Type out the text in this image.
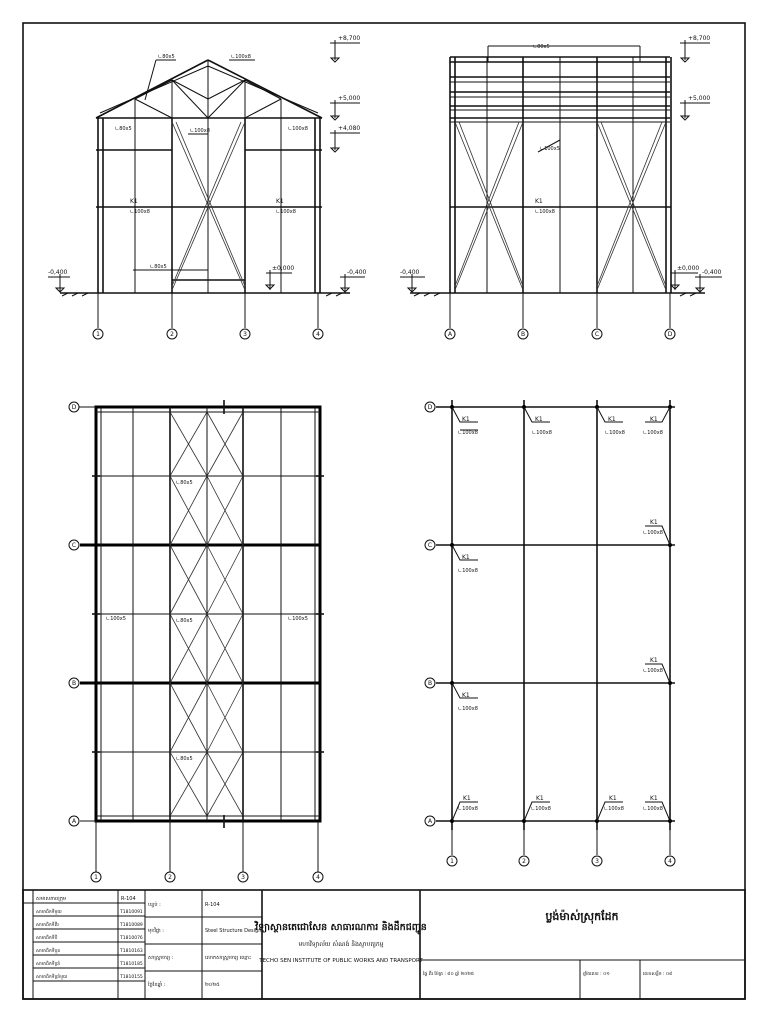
+8,700
+5,000
+4,080
±0,000
-0,400	-0,400
∟100x8
∟80x5
∟80x5	∟100x8	∟100x8
K1
∟100x8
K1
∟100x8
∟80x5
1	2	3	4
+8,700
+5,000
±0,000
-0,400	-0,400
∟80x5
∟100x5
K1
∟100x8
A	B	C	D
∟80x5
∟80x5
∟80x5
∟100x5	∟100x5
D
C
B
A
1	2	3	4
K1
∟100x8
K1
∟100x8
K1
∟100x8
K1
∟100x8
K1
∟100x8
K1
∟100x8
K1
∟100x8
K1
∟100x8
K1
∟100x8
K1
∟100x8
K1
∟100x8
K1
∟100x8
D
C
B
A
1	2	3	4
សមាសភាពក្រុម	R-104
សាមាជិកទីមួយ	T1810091
សាមាជិកទីពីរ	T1810089
សាមាជិកទីបី	T1810076
សាមាជិកទីបួន	T1810163
សាមាជិកទីប្រាំ	T1810185
សាមាជិកទីប្រាំមួយ	T1810155
បន្ទប់ :	R-104
មុខវិជ្ជា :	Steel Structure Design
សាស្ត្រាចារ្យ :	លោកសាស្ត្រាចារ្យ ឈ្មោះ
ថ្ងៃខែឆ្នាំ :	២០២៥
វិទ្យាស្ថានតេជោសែន សាធារណការ និងដឹកជញ្ជូន
មហាវិទ្យាល័យ សំណង់ និងស្ថាបត្យកម្ម
TECHO SEN INSTITUTE OF PUBLIC WORKS AND TRANSPORT
ប្លង់ម៉ាស់ស្រុកដែក
ផ្ទៃ ពីរ ម៉ែត្រ : ៨០ ឆ្នាំ ២០២៥	ផ្ទាំងលេខ : ០១	លេខសន្លឹក : ០៨
